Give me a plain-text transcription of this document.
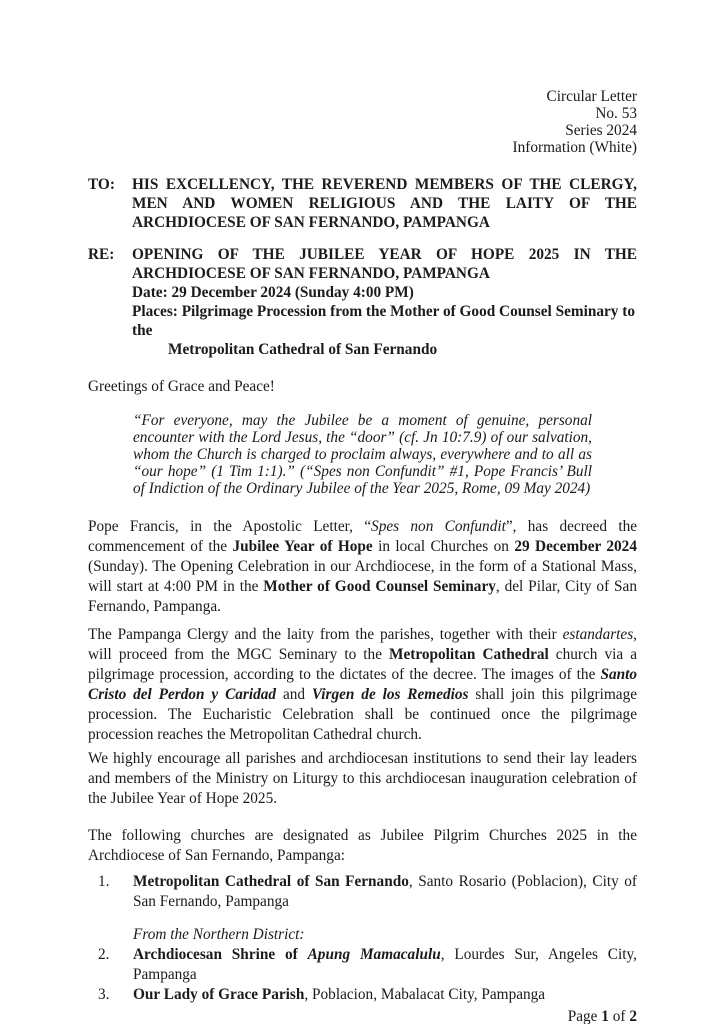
Circular Letter
No. 53
Series 2024
Information (White)
TO:	HIS EXCELLENCY, THE REVEREND MEMBERS OF THE CLERGY, MEN AND WOMEN RELIGIOUS AND THE LAITY OF THE ARCHDIOCESE OF SAN FERNANDO, PAMPANGA
RE:	OPENING OF THE JUBILEE YEAR OF HOPE 2025 IN THE ARCHDIOCESE OF SAN FERNANDO, PAMPANGA
Date: 29 December 2024 (Sunday 4:00 PM)
Places: Pilgrimage Procession from the Mother of Good Counsel Seminary to the
Metropolitan Cathedral of San Fernando
Greetings of Grace and Peace!
“For everyone, may the Jubilee be a moment of genuine, personal encounter with the Lord Jesus, the “door” (cf. Jn 10:7.9) of our salvation, whom the Church is charged to proclaim always, everywhere and to all as “our hope” (1 Tim 1:1).” (“Spes non Confundit” #1, Pope Francis’ Bull of Indiction of the Ordinary Jubilee of the Year 2025, Rome, 09 May 2024)
Pope Francis, in the Apostolic Letter, “Spes non Confundit”, has decreed the commencement of the Jubilee Year of Hope in local Churches on 29 December 2024 (Sunday). The Opening Celebration in our Archdiocese, in the form of a Stational Mass, will start at 4:00 PM in the Mother of Good Counsel Seminary, del Pilar, City of San Fernando, Pampanga.
The Pampanga Clergy and the laity from the parishes, together with their estandartes, will proceed from the MGC Seminary to the Metropolitan Cathedral church via a pilgrimage procession, according to the dictates of the decree. The images of the Santo Cristo del Perdon y Caridad and Virgen de los Remedios shall join this pilgrimage procession. The Eucharistic Celebration shall be continued once the pilgrimage procession reaches the Metropolitan Cathedral church.
We highly encourage all parishes and archdiocesan institutions to send their lay leaders and members of the Ministry on Liturgy to this archdiocesan inauguration celebration of the Jubilee Year of Hope 2025.
The following churches are designated as Jubilee Pilgrim Churches 2025 in the Archdiocese of San Fernando, Pampanga:
1.	Metropolitan Cathedral of San Fernando, Santo Rosario (Poblacion), City of San Fernando, Pampanga
From the Northern District:
2.	Archdiocesan Shrine of Apung Mamacalulu, Lourdes Sur, Angeles City, Pampanga
3.	Our Lady of Grace Parish, Poblacion, Mabalacat City, Pampanga
Page 1 of 2
